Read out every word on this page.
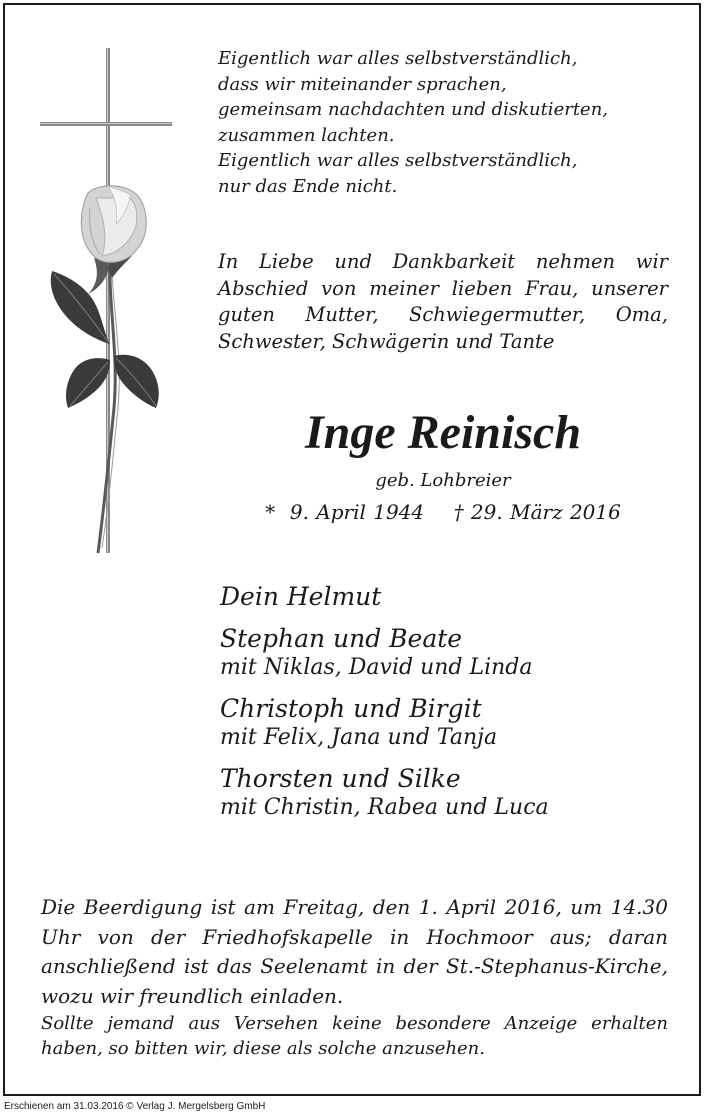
Eigentlich war alles selbstverständlich,
dass wir miteinander sprachen,
gemeinsam nachdachten und diskutierten,
zusammen lachten.
Eigentlich war alles selbstverständlich,
nur das Ende nicht.

In Liebe und Dankbarkeit nehmen wir Abschied von meiner lieben Frau, unserer guten Mutter, Schwiegermutter, Oma, Schwester, Schwägerin und Tante

Inge Reinisch
geb. Lohbreier
*  9. April 1944 † 29. März 2016
Dein Helmut
Stephan und Beate
mit Niklas, David und Linda
Christoph und Birgit
mit Felix, Jana und Tanja
Thorsten und Silke
mit Christin, Rabea und Luca

Die Beerdigung ist am Freitag, den 1. April 2016, um 14.30 Uhr von der Friedhofskapelle in Hochmoor aus; daran anschließend ist das Seelenamt in der St.-Stephanus-Kirche, wozu wir freundlich einladen.

Sollte jemand aus Versehen keine besondere Anzeige erhalten haben, so bitten wir, diese als solche anzusehen.

Erschienen am 31.03.2016 © Verlag J. Mergelsberg GmbH
